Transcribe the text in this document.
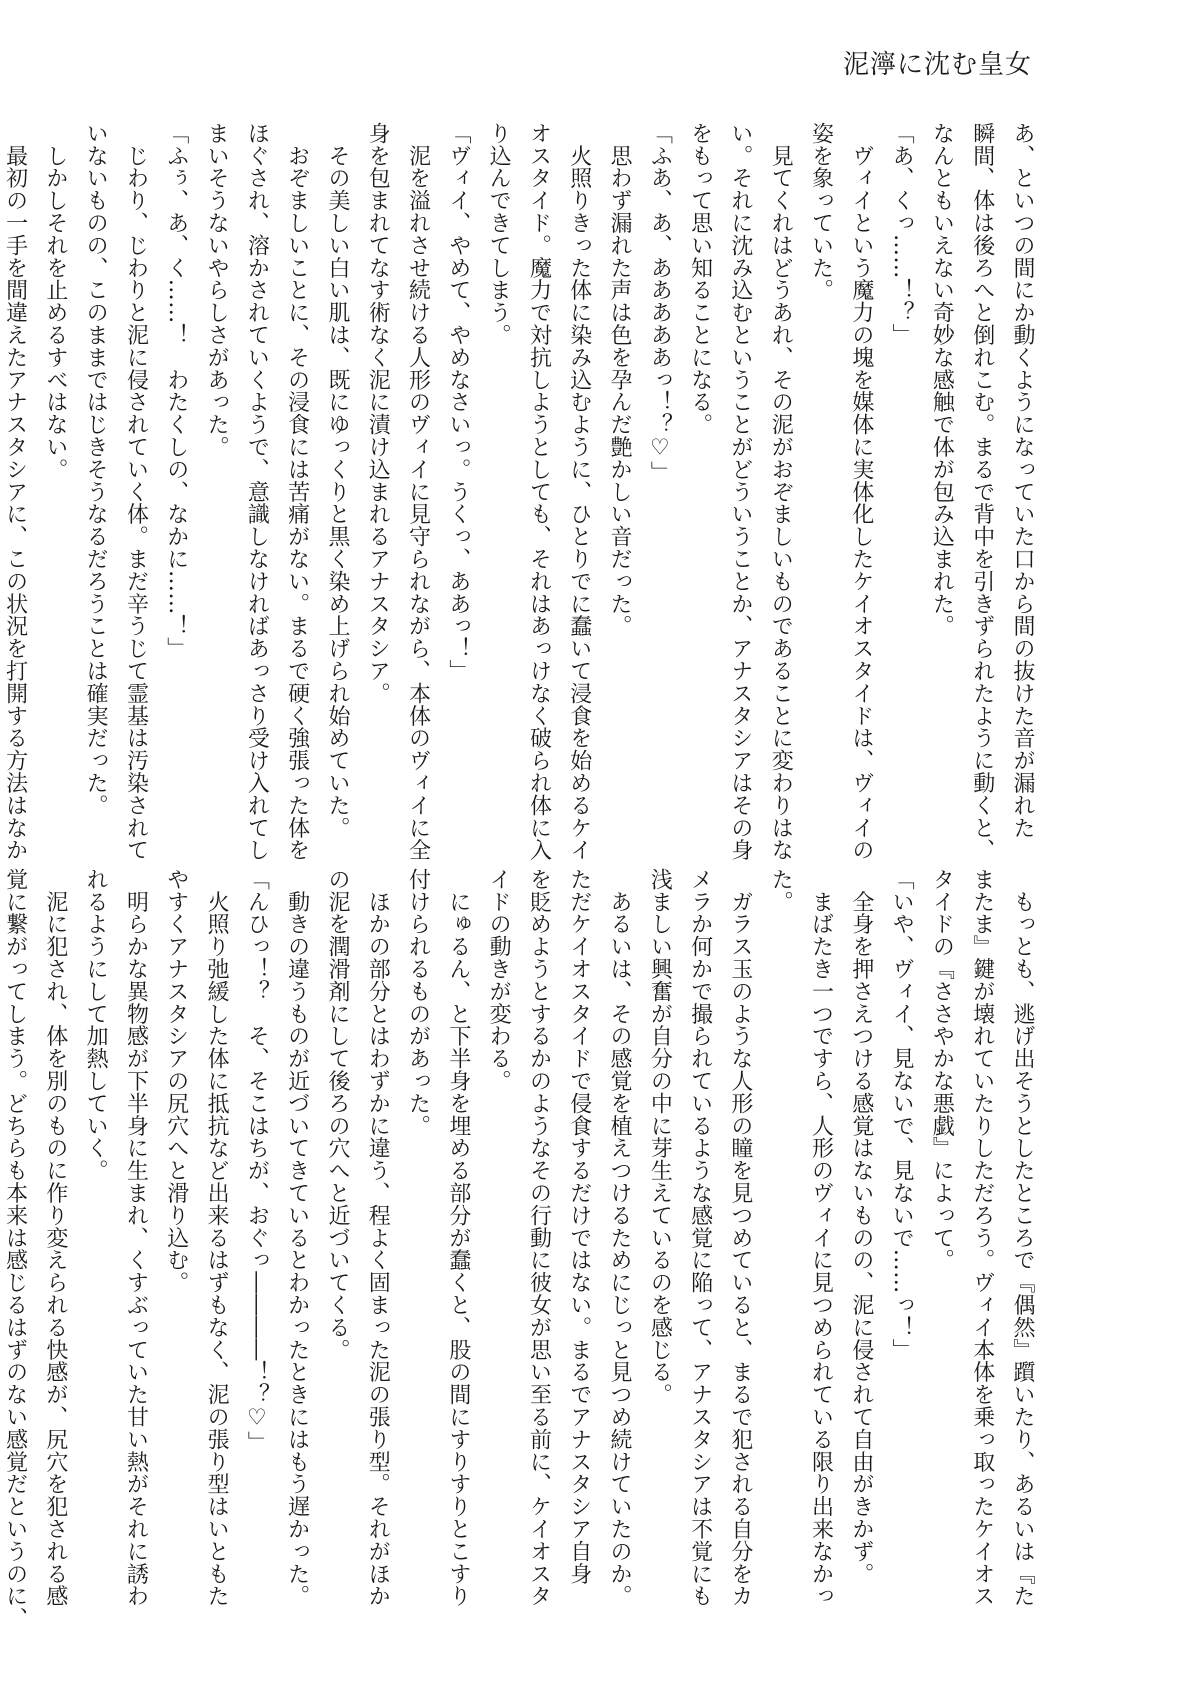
泥濘に沈む皇女
あ、といつの間にか動くようになっていた口から間の抜けた音が漏れた
瞬間、体は後ろへと倒れこむ。まるで背中を引きずられたように動くと、
なんともいえない奇妙な感触で体が包み込まれた。
「あ、くっ……！？」
　ヴィイという魔力の塊を媒体に実体化したケイオスタイドは、ヴィイの
姿を象っていた。
　見てくれはどうあれ、その泥がおぞましいものであることに変わりはな
い。それに沈み込むということがどういうことか、アナスタシアはその身
をもって思い知ることになる。
「ふあ、あ、あああああっ！？♡」
　思わず漏れた声は色を孕んだ艶かしい音だった。
　火照りきった体に染み込むように、ひとりでに蠢いて浸食を始めるケイ
オスタイド。魔力で対抗しようとしても、それはあっけなく破られ体に入
り込んできてしまう。
「ヴィイ、やめて、やめなさいっ。うくっ、ああっ！」
　泥を溢れさせ続ける人形のヴィイに見守られながら、本体のヴィイに全
身を包まれてなす術なく泥に漬け込まれるアナスタシア。
　その美しい白い肌は、既にゆっくりと黒く染め上げられ始めていた。
　おぞましいことに、その浸食には苦痛がない。まるで硬く強張った体を
ほぐされ、溶かされていくようで、意識しなければあっさり受け入れてし
まいそうないやらしさがあった。
「ふぅ、あ、く……！　わたくしの、なかに……！」
　じわり、じわりと泥に侵されていく体。まだ辛うじて霊基は汚染されて
いないものの、このままではじきそうなるだろうことは確実だった。
　しかしそれを止めるすべはない。
　最初の一手を間違えたアナスタシアに、この状況を打開する方法はなか
　もっとも、逃げ出そうとしたところで『偶然』躓いたり、あるいは『た
またま』鍵が壊れていたりしただろう。ヴィイ本体を乗っ取ったケイオス
タイドの『ささやかな悪戯』によって。
「いや、ヴィイ、見ないで、見ないで……っ！」
　全身を押さえつける感覚はないものの、泥に侵されて自由がきかず。
　まばたき一つですら、人形のヴィイに見つめられている限り出来なかっ
た。
　ガラス玉のような人形の瞳を見つめていると、まるで犯される自分をカ
メラか何かで撮られているような感覚に陥って、アナスタシアは不覚にも
浅ましい興奮が自分の中に芽生えているのを感じる。
　あるいは、その感覚を植えつけるためにじっと見つめ続けていたのか。
ただケイオスタイドで侵食するだけではない。まるでアナスタシア自身
を貶めようとするかのようなその行動に彼女が思い至る前に、ケイオスタ
イドの動きが変わる。
　にゅるん、と下半身を埋める部分が蠢くと、股の間にすりすりとこすり
付けられるものがあった。
　ほかの部分とはわずかに違う、程よく固まった泥の張り型。それがほか
の泥を潤滑剤にして後ろの穴へと近づいてくる。
　動きの違うものが近づいてきているとわかったときにはもう遅かった。
「んひっ！？　そ、そこはちが、おぐっ――――！？♡」
　火照り弛緩した体に抵抗など出来るはずもなく、泥の張り型はいともた
やすくアナスタシアの尻穴へと滑り込む。
　明らかな異物感が下半身に生まれ、くすぶっていた甘い熱がそれに誘わ
れるようにして加熱していく。
　泥に犯され、体を別のものに作り変えられる快感が、尻穴を犯される感
覚に繋がってしまう。どちらも本来は感じるはずのない感覚だというのに、
